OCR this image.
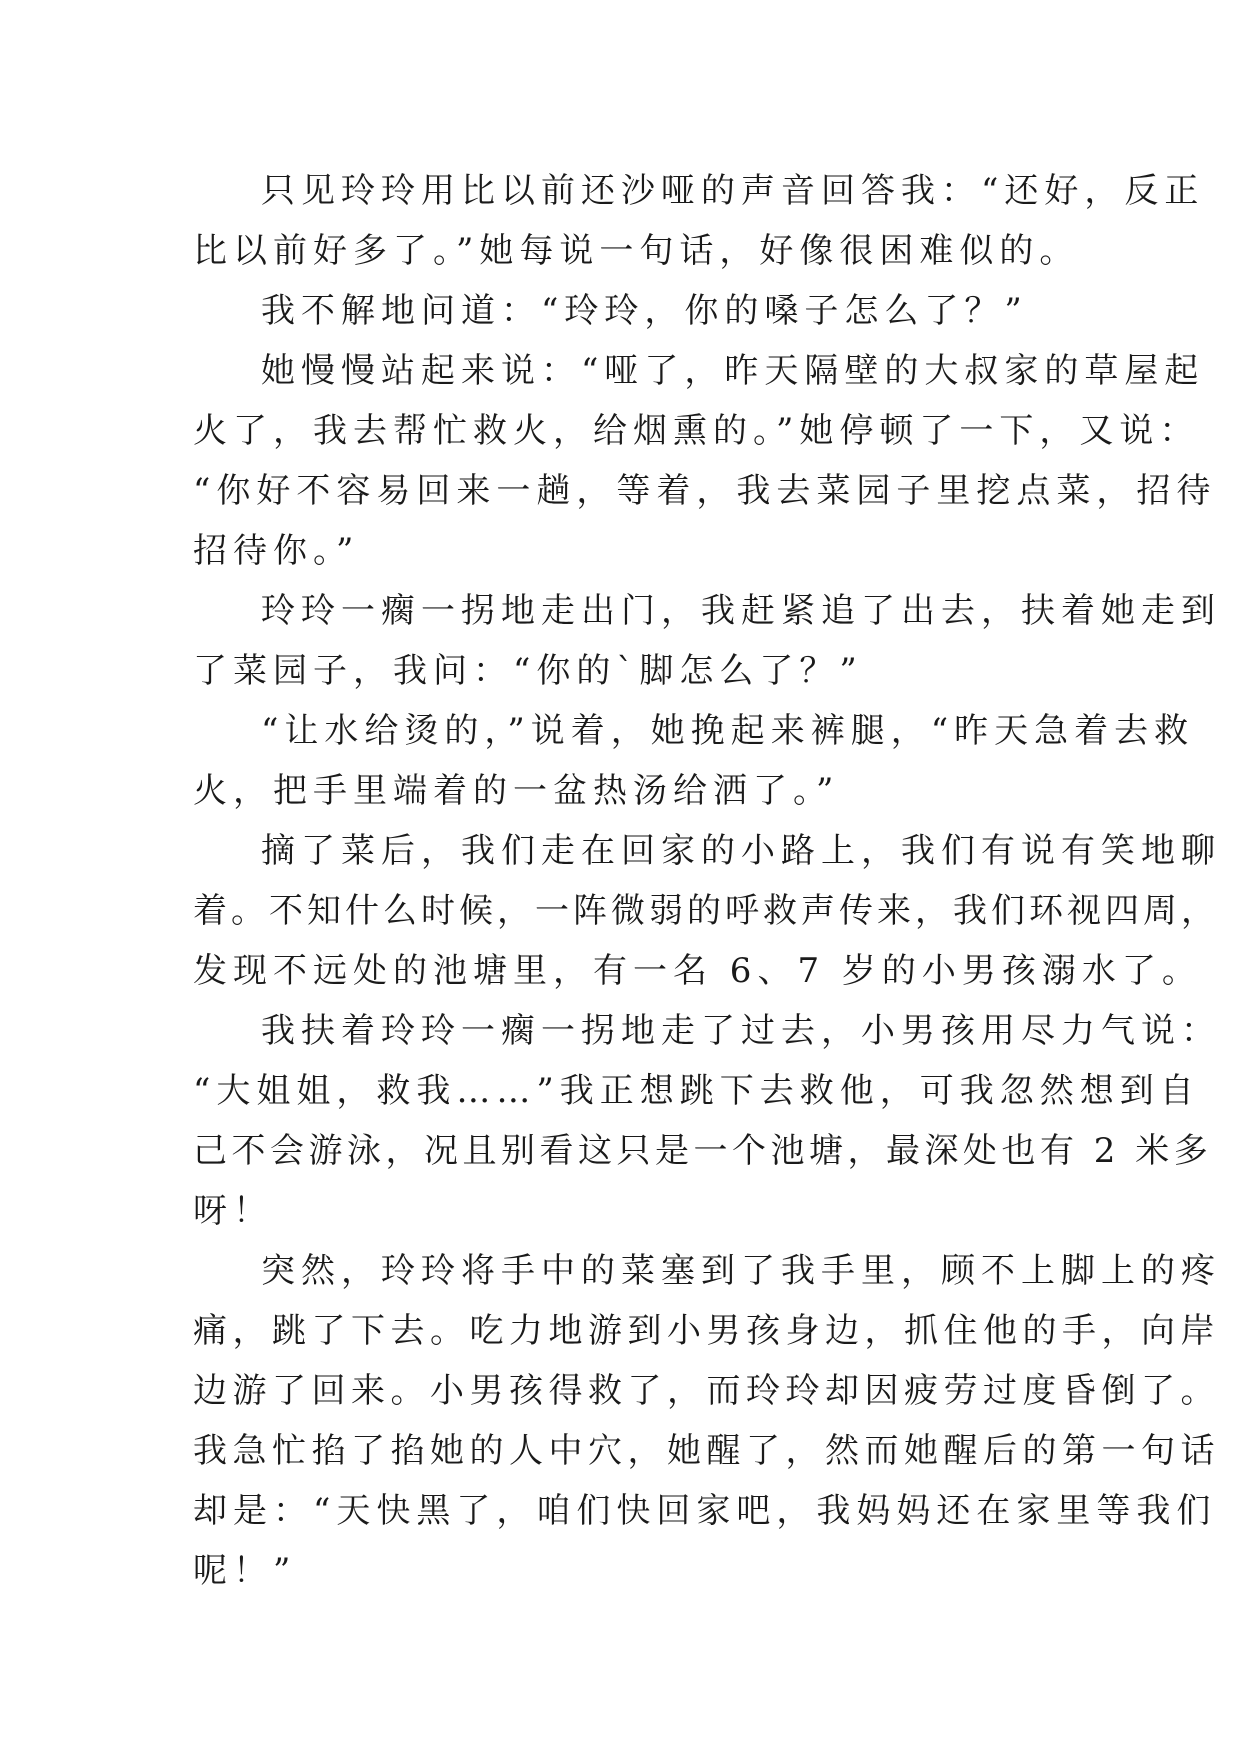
只见玲玲用比以前还沙哑的声音回答我：“还好，反正
比以前好多了。”她每说一句话，好像很困难似的。
我不解地问道：“玲玲，你的嗓子怎么了？”
她慢慢站起来说：“哑了，昨天隔壁的大叔家的草屋起
火了，我去帮忙救火，给烟熏的。”她停顿了一下，又说：
“你好不容易回来一趟，等着，我去菜园子里挖点菜，招待
招待你。”
玲玲一瘸一拐地走出门，我赶紧追了出去，扶着她走到
了菜园子，我问：“你的`脚怎么了？”
“让水给烫的，”说着，她挽起来裤腿，“昨天急着去救
火，把手里端着的一盆热汤给洒了。”
摘了菜后，我们走在回家的小路上，我们有说有笑地聊
着。不知什么时候，一阵微弱的呼救声传来，我们环视四周，
发现不远处的池塘里，有一名 6、7 岁的小男孩溺水了。
我扶着玲玲一瘸一拐地走了过去，小男孩用尽力气说：
“大姐姐，救我……”我正想跳下去救他，可我忽然想到自
己不会游泳，况且别看这只是一个池塘，最深处也有 2 米多
呀！
突然，玲玲将手中的菜塞到了我手里，顾不上脚上的疼
痛，跳了下去。吃力地游到小男孩身边，抓住他的手，向岸
边游了回来。小男孩得救了，而玲玲却因疲劳过度昏倒了。
我急忙掐了掐她的人中穴，她醒了，然而她醒后的第一句话
却是：“天快黑了，咱们快回家吧，我妈妈还在家里等我们
呢！”
